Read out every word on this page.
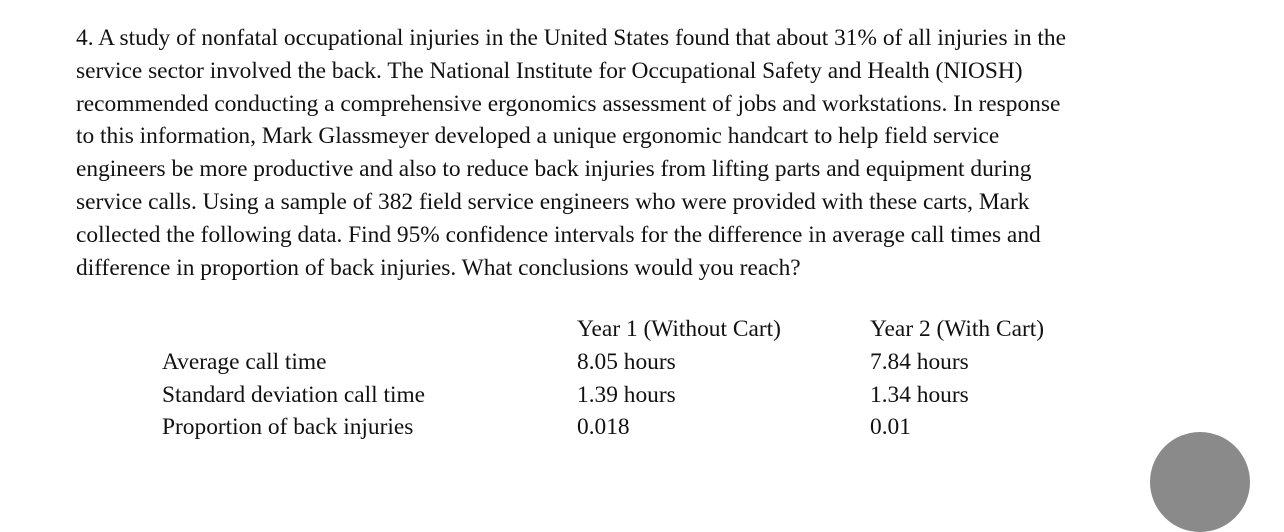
4. A study of nonfatal occupational injuries in the United States found that about 31% of all injuries in the
service sector involved the back. The National Institute for Occupational Safety and Health (NIOSH)
recommended conducting a comprehensive ergonomics assessment of jobs and workstations. In response
to this information, Mark Glassmeyer developed a unique ergonomic handcart to help field service
engineers be more productive and also to reduce back injuries from lifting parts and equipment during
service calls. Using a sample of 382 field service engineers who were provided with these carts, Mark
collected the following data. Find 95% confidence intervals for the difference in average call times and
difference in proportion of back injuries. What conclusions would you reach?
	Year 1 (Without Cart)	Year 2 (With Cart)
Average call time	8.05 hours	7.84 hours
Standard deviation call time	1.39 hours	1.34 hours
Proportion of back injuries	0.018	0.01
